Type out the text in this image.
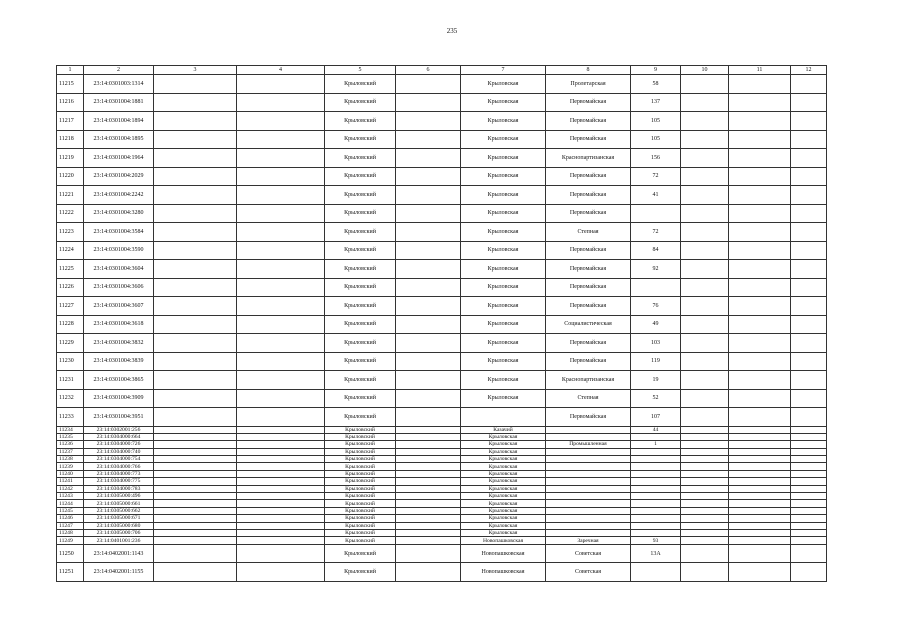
235
1	2	3	4	5	6	7	8	9	10	11	12
11215	23:14:0301003:1314			Крыловский		Крыловская	Пролетарская	58			
11216	23:14:0301004:1881			Крыловский		Крыловская	Первомайская	137			
11217	23:14:0301004:1894			Крыловский		Крыловская	Первомайская	105			
11218	23:14:0301004:1895			Крыловский		Крыловская	Первомайская	105			
11219	23:14:0301004:1964			Крыловский		Крыловская	Краснопартизанская	156			
11220	23:14:0301004:2029			Крыловский		Крыловская	Первомайская	72			
11221	23:14:0301004:2242			Крыловский		Крыловская	Первомайская	41			
11222	23:14:0301004:3280			Крыловский		Крыловская	Первомайская				
11223	23:14:0301004:3584			Крыловский		Крыловская	Степная	72			
11224	23:14:0301004:3590			Крыловский		Крыловская	Первомайская	84			
11225	23:14:0301004:3604			Крыловский		Крыловская	Первомайская	92			
11226	23:14:0301004:3606			Крыловский		Крыловская	Первомайская				
11227	23:14:0301004:3607			Крыловский		Крыловская	Первомайская	76			
11228	23:14:0301004:3618			Крыловский		Крыловская	Социалистическая	49			
11229	23:14:0301004:3832			Крыловский		Крыловская	Первомайская	103			
11230	23:14:0301004:3839			Крыловский		Крыловская	Первомайская	119			
11231	23:14:0301004:3865			Крыловский		Крыловская	Краснопартизанская	19			
11232	23:14:0301004:3909			Крыловский		Крыловская	Степная	52			
11233	23:14:0301004:3951			Крыловский			Первомайская	107			
11234	23:14:0302001:256			Крыловский		Казачий		44			
11235	23:14:0304000:664			Крыловский		Крыловская					
11236	23:14:0304000:726			Крыловский		Крыловская	Промышленная	1			
11237	23:14:0304000:740			Крыловский		Крыловская					
11238	23:14:0304000:754			Крыловский		Крыловская					
11239	23:14:0304000:766			Крыловский		Крыловская					
11240	23:14:0304000:773			Крыловский		Крыловская					
11241	23:14:0304000:775			Крыловский		Крыловская					
11242	23:14:0304000:783			Крыловский		Крыловская					
11243	23:14:0305000:496			Крыловский		Крыловская					
11244	23:14:0305000:661			Крыловский		Крыловская					
11245	23:14:0305000:662			Крыловский		Крыловская					
11246	23:14:0305000:671			Крыловский		Крыловская					
11247	23:14:0305000:680			Крыловский		Крыловская					
11248	23:14:0305000:706			Крыловский		Крыловская					
11249	23:14:0401001:236			Крыловский		Новопашковская	Заречная	93			
11250	23:14:0402001:1143			Крыловский		Новопашковская	Советская	13А			
11251	23:14:0402001:1155			Крыловский		Новопашковская	Советская				
